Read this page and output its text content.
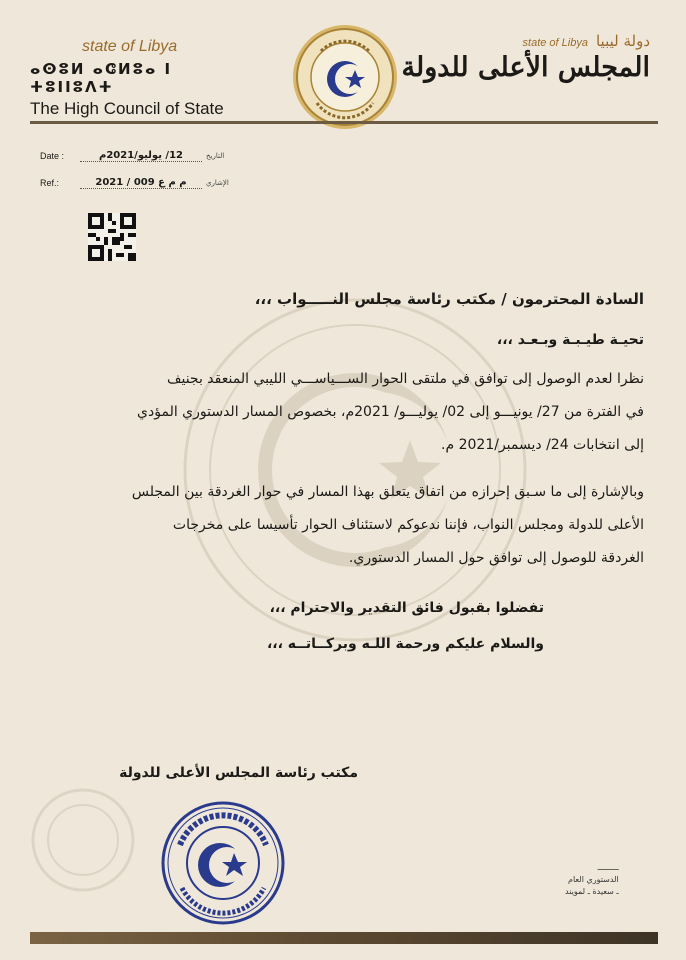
state of Libya
ⴰⵙⵓⵍ ⴰⵛⵍⵓⴰ ⵏ ⵜⵓⵏⵏⵓⴷⵜ
The High Council of State
state of Libya دولة ليبيا
المجلس الأعلى للدولة
Date :	12/ يوليو/2021م	التاريخ
Ref.:	م م ع 009 / 2021	الإشاري

السادة المحترمون / مكتب رئاسة مجلس النـــــواب ،،،

تحيـة طيـبـة وبـعـد ،،،

نظرا لعدم الوصول إلى توافق في ملتقى الحوار الســـياســـي الليبي المنعقد بجنيف

في الفترة من 27/ يونيـــو إلى 02/ يوليـــو/ 2021م، بخصوص المسار الدستوري المؤدي

إلى انتخابات 24/ ديسمبر/2021 م.

وبالإشارة إلى ما سـبق إحرازه من اتفاق يتعلق بهذا المسار في حوار الغردقة بين المجلس

الأعلى للدولة ومجلس النواب، فإننا ندعوكم لاستئناف الحوار تأسيسا على مخرجات

الغردقة للوصول إلى توافق حول المسار الدستوري.

تفضلوا بقبول فائق التقدير والاحترام ،،،

والسلام عليكم ورحمة اللـه وبركــاتــه ،،،

مكتب رئاسة المجلس الأعلى للدولة
ـــــــــ
الدستوري العام
ـ سعيدة ـ لمويند
